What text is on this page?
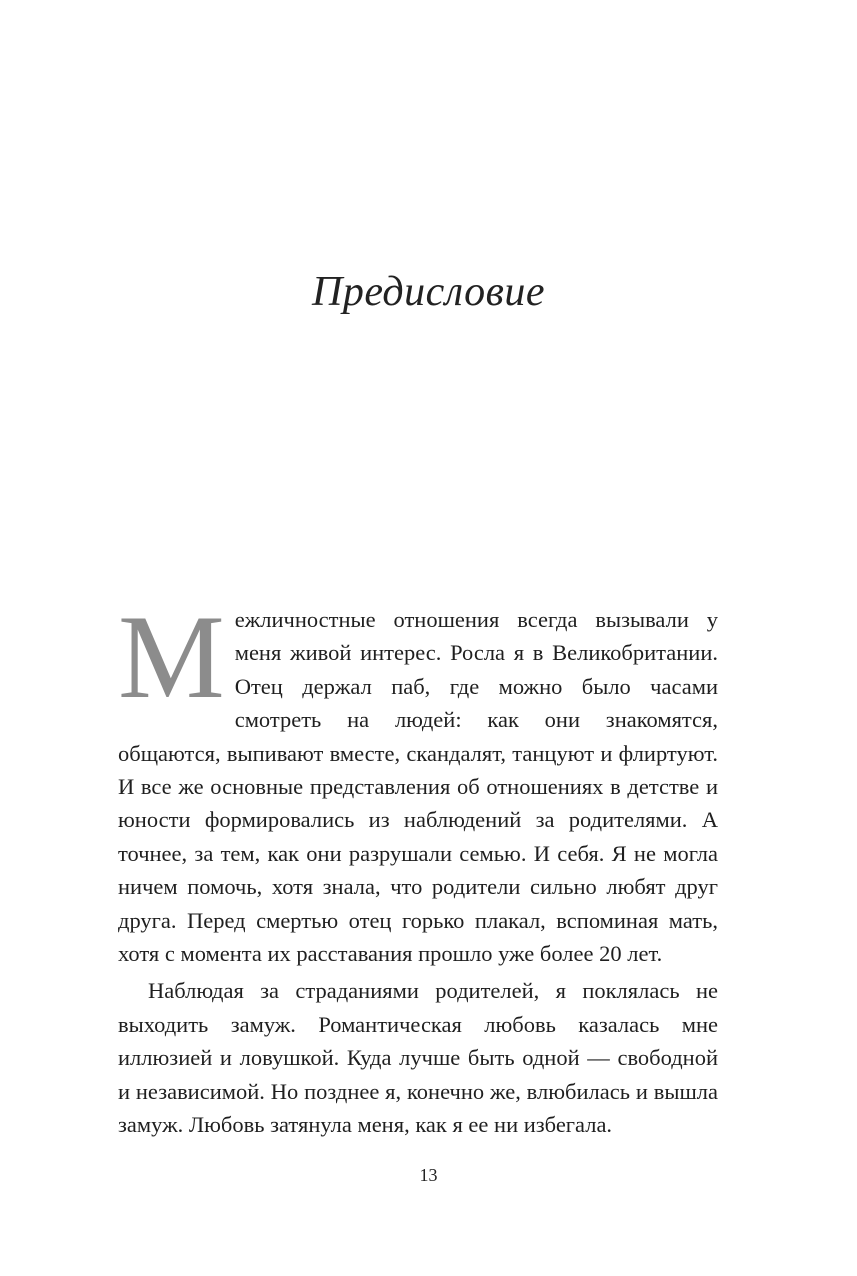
Предисловие

Межличностные отношения всегда вызывали у меня живой интерес. Росла я в Великобритании. Отец держал паб, где можно было часами смотреть на людей: как они знакомятся, общаются, выпивают вместе, скандалят, танцуют и флиртуют. И все же основные представления об отношениях в детстве и юности формировались из наблюдений за родителями. А точнее, за тем, как они разрушали семью. И себя. Я не могла ничем помочь, хотя знала, что родители сильно любят друг друга. Перед смертью отец горько плакал, вспоминая мать, хотя с момента их расставания прошло уже более 20 лет.

Наблюдая за страданиями родителей, я поклялась не выходить замуж. Романтическая любовь казалась мне иллюзией и ловушкой. Куда лучше быть одной — свободной и независимой. Но позднее я, конечно же, влюбилась и вышла замуж. Любовь затянула меня, как я ее ни избегала.

13
